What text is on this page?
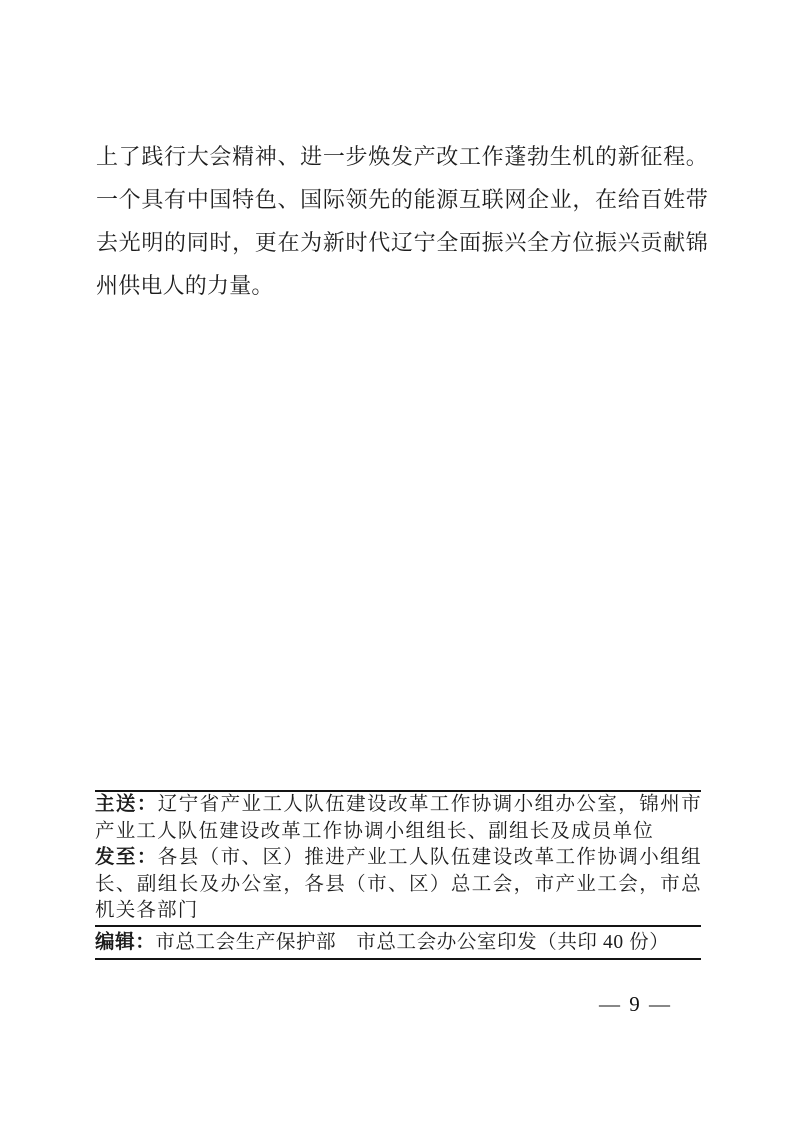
上了践行大会精神、进一步焕发产改工作蓬勃生机的新征程。
一个具有中国特色、国际领先的能源互联网企业，在给百姓带
去光明的同时，更在为新时代辽宁全面振兴全方位振兴贡献锦
州供电人的力量。
主送：辽宁省产业工人队伍建设改革工作协调小组办公室，锦州市
产业工人队伍建设改革工作协调小组组长、副组长及成员单位
发至：各县（市、区）推进产业工人队伍建设改革工作协调小组组
长、副组长及办公室，各县（市、区）总工会，市产业工会，市总
机关各部门
编辑：市总工会生产保护部　市总工会办公室印发（共印 40 份）
— 9 —
